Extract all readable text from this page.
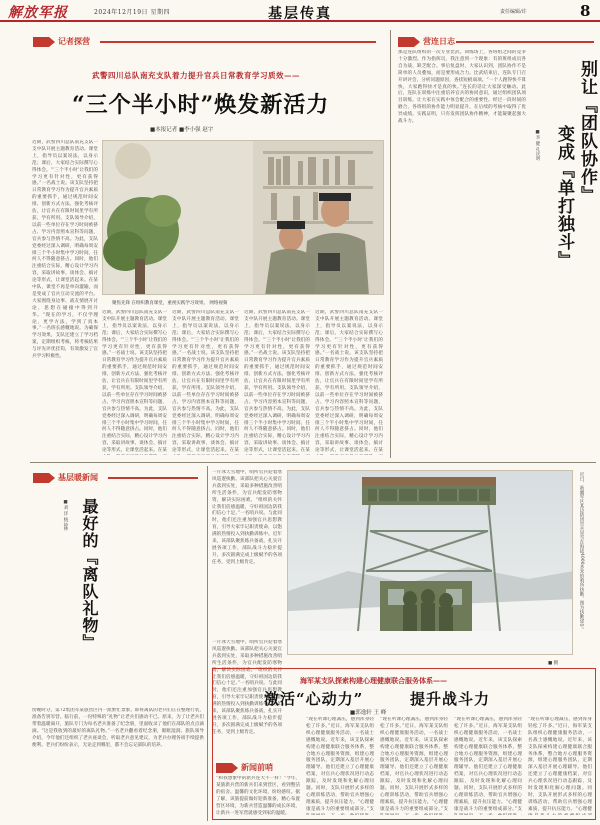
解放军报	2024年12月19日 星期四	基层传真	责任编辑/许	8
记者探营
武警四川总队南充支队着力提升官兵日常教育学习质效——
“三个半小时”焕发新活力
■本报记者 ■李小强 赵宇
近期，武警四川总队南充支队一支中队开展主题教育活动。课堂上，指导员以案说法，以身示范；课后，大家结合实际撰写心得体会。“‘三个半小时’让我们的学习更有针对性，更有获得感。”一名战士说。该支队坚持把日常教育学习作为提升官兵素质的重要抓手，通过规范时间安排、创新方式方法、强化考核评估，让官兵在有限时间里学有所获、学有所用。支队领导介绍，以前一些单位存在学习时间被挤占、学习内容照本宣科等问题，官兵参与热情不高。为此，支队党委经过深入调研，明确每周安排三个半小时集中学习时间，任何人不得随意挤占。同时，他们注重结合实际，精心设计学习内容，采取讲故事、谈体会、搞讨论等形式，让课堂活起来。在某中队，课堂不再是单向灌输，而是变成了官兵互动交流的平台。大家围绕身边事、战友情展开讨论，思想在碰撞中得到升华。“现在的学习，不仅学理论，更学方法，学到了真本事。”一名班长感慨地说。为确保学习效果，支队还建立了学习档案，定期组织考核，将考核结果与评先评优挂钩，有效激发了官兵学习积极性。
聚焦先锋 在组织教育课堂，重视实践学习效果。 网络视频
近期，武警四川总队南充支队一支中队开展主题教育活动。课堂上，指导员以案说法，以身示范；课后，大家结合实际撰写心得体会。“‘三个半小时’让我们的学习更有针对性，更有获得感。”一名战士说。该支队坚持把日常教育学习作为提升官兵素质的重要抓手，通过规范时间安排、创新方式方法、强化考核评估，让官兵在有限时间里学有所获、学有所用。支队领导介绍，以前一些单位存在学习时间被挤占、学习内容照本宣科等问题，官兵参与热情不高。为此，支队党委经过深入调研，明确每周安排三个半小时集中学习时间，任何人不得随意挤占。同时，他们注重结合实际，精心设计学习内容，采取讲故事、谈体会、搞讨论等形式，让课堂活起来。在某
近期，武警四川总队南充支队一支中队开展主题教育活动。课堂上，指导员以案说法，以身示范；课后，大家结合实际撰写心得体会。“‘三个半小时’让我们的学习更有针对性，更有获得感。”一名战士说。该支队坚持把日常教育学习作为提升官兵素质的重要抓手，通过规范时间安排、创新方式方法、强化考核评估，让官兵在有限时间里学有所获、学有所用。支队领导介绍，以前一些单位存在学习时间被挤占、学习内容照本宣科等问题，官兵参与热情不高。为此，支队党委经过深入调研，明确每周安排三个半小时集中学习时间，任何人不得随意挤占。同时，他们注重结合实际，精心设计学习内容，采取讲故事、谈体会、搞讨论等形式，让课堂活起来。在某
近期，武警四川总队南充支队一支中队开展主题教育活动。课堂上，指导员以案说法，以身示范；课后，大家结合实际撰写心得体会。“‘三个半小时’让我们的学习更有针对性，更有获得感。”一名战士说。该支队坚持把日常教育学习作为提升官兵素质的重要抓手，通过规范时间安排、创新方式方法、强化考核评估，让官兵在有限时间里学有所获、学有所用。支队领导介绍，以前一些单位存在学习时间被挤占、学习内容照本宣科等问题，官兵参与热情不高。为此，支队党委经过深入调研，明确每周安排三个半小时集中学习时间，任何人不得随意挤占。同时，他们注重结合实际，精心设计学习内容，采取讲故事、谈体会、搞讨论等形式，让课堂活起来。在某
近期，武警四川总队南充支队一支中队开展主题教育活动。课堂上，指导员以案说法，以身示范；课后，大家结合实际撰写心得体会。“‘三个半小时’让我们的学习更有针对性，更有获得感。”一名战士说。该支队坚持把日常教育学习作为提升官兵素质的重要抓手，通过规范时间安排、创新方式方法、强化考核评估，让官兵在有限时间里学有所获、学有所用。支队领导介绍，以前一些单位存在学习时间被挤占、学习内容照本宣科等问题，官兵参与热情不高。为此，支队党委经过深入调研，明确每周安排三个半小时集中学习时间，任何人不得随意挤占。同时，他们注重结合实际，精心设计学习内容，采取讲故事、谈体会、搞讨论等形式，让课堂活起来。在某
营连日志
那是连队组织的一次专业比武。训练场上，各班组之间的竞争十分激烈。作为指挥员，我注意到一个现象：有的班组成员各自为战，缺乏配合。事后复盘时，大家认识到，团队协作不是简单的人员叠加，而是要形成合力。比武结束后，连队专门召开讲评会，分析问题原因，查找短板弱项。“一个人跑得快不算快，大家跑得快才是真的快。”连长的话让大家深受触动。此后，连队在训练中注重培养官兵的协同意识，通过组织团队项目训练，让大家在实践中体会配合的重要性。经过一段时间的磨合，各班组的协作能力明显提升，在后续的考核中取得了优异成绩。实践证明，只有发挥团队协作精神，才能凝聚起强大战斗力。	别让『团队协作』
变成『单打独斗』
■李 健 孔庆明
基层暖新闻
最好的『离队礼物』
■刘 洋 杨远林
傍晚时分，第72集团军某旅营区内一派繁忙景象。即将离队的老兵们正在整理行装，准备告别军营。临行前，一份特殊的“礼物”让老兵们感动不已。原来，为了让老兵们带着温暖离开，旅队专门为每名老兵准备了纪念册，里面收录了他们在部队的点点滴滴。“这是我收到的最好的离队礼物。”一名老兵翻看着纪念册，眼眶湿润。旅队领导介绍，今年他们还组织了老兵座谈会，听取老兵意见建议，为老兵办理各项手续提供便利。老兵们纷纷表示，无论走到哪里，都不会忘记部队的培养。
一片冰天雪地中，哨所官兵迎着寒风巡逻执勤。该部队把关心关爱官兵落到实处，采取多种措施改善哨所生活条件，为官兵配发防寒物资，解决实际困难。“组织的关怀让我们倍感温暖，守好祖国边防我们信心十足。”一名哨兵说。与此同时，他们还注重加强官兵思想教育，引导大家牢记职责使命，以饱满的热情投入到执勤训练中。近年来，该部队聚焦练兵备战，扎实开展各项工作，部队战斗力稳步提升，多次圆满完成上级赋予的各项任务，受到上级肯定。
一片冰天雪地中，哨所官兵迎着寒风巡逻执勤。该部队把关心关爱官兵落到实处，采取多种措施改善哨所生活条件，为官兵配发防寒物资，解决实际困难。“组织的关怀让我们倍感温暖，守好祖国边防我们信心十足。”一名哨兵说。与此同时，他们还注重加强官兵思想教育，引导大家牢记职责使命，以饱满的热情投入到执勤训练中。近年来，该部队聚焦练兵备战，扎实开展各项工作，部队战斗力稳步提升，多次圆满完成上级赋予的各项任务，受到上级肯定。
近日，新疆军区某边防团官兵冒雪在海拔4000多米的哨所执勤。图为执勤途中。
■ 摄
海军某支队探索构建心理健康联合服务体系——
激活“心动力”	提升战斗力
■郭逸轩 王 峰
“现在听课心理减压，感到浑身轻松了许多。”近日，海军某支队组织心理健康服务活动，一名战士感慨地说。近年来，该支队探索构建心理健康联合服务体系，整合地方心理服务资源，组建心理服务团队，定期深入基层开展心理辅导。他们还建立了心理健康档案，对官兵心理状况进行动态跟踪，及时发现和化解心理问题。同时，支队开展形式多样的心理训练活动，帮助官兵增强心理素质，提升抗压能力。“心理健康是战斗力的重要组成部分。”支
“现在听课心理减压，感到浑身轻松了许多。”近日，海军某支队组织心理健康服务活动，一名战士感慨地说。近年来，该支队探索构建心理健康联合服务体系，整合地方心理服务资源，组建心理服务团队，定期深入基层开展心理辅导。他们还建立了心理健康档案，对官兵心理状况进行动态跟踪，及时发现和化解心理问题。同时，支队开展形式多样的心理训练活动，帮助官兵增强心理素质，提升抗压能力。“心理健康是战斗力的重要组成部分。”支
“现在听课心理减压，感到浑身轻松了许多。”近日，海军某支队组织心理健康服务活动，一名战士感慨地说。近年来，该支队探索构建心理健康联合服务体系，整合地方心理服务资源，组建心理服务团队，定期深入基层开展心理辅导。他们还建立了心理健康档案，对官兵心理状况进行动态跟踪，及时发现和化解心理问题。同时，支队开展形式多样的心理训练活动，帮助官兵增强心理素质，提升抗压能力。“心理健康是战斗力的重要组成部分。”支
“现在听课心理减压，感到浑身轻松了许多。”近日，海军某支队组织心理健康服务活动，一名战士感慨地说。近年来，该支队探索构建心理健康联合服务体系，整合地方心理服务资源，组建心理服务团队，定期深入基层开展心理辅导。他们还建立了心理健康档案，对官兵心理状况进行动态跟踪，及时发现和化解心理问题。同时，支队开展形式多样的心理训练活动，帮助官兵增强心理素质，提升抗压能力。“心理健
新闻前哨
“和我想象中的新兵连大不一样！”今年，某旅新兵营的新兵们来到营区，看到整洁的宿舍、温馨的文化环境，纷纷感叹。据了解，该旅提前做好迎新准备，精心布置营区环境，为新兵营造温馨的成长环境，让新兵一进军营就感受到家的温暖。
